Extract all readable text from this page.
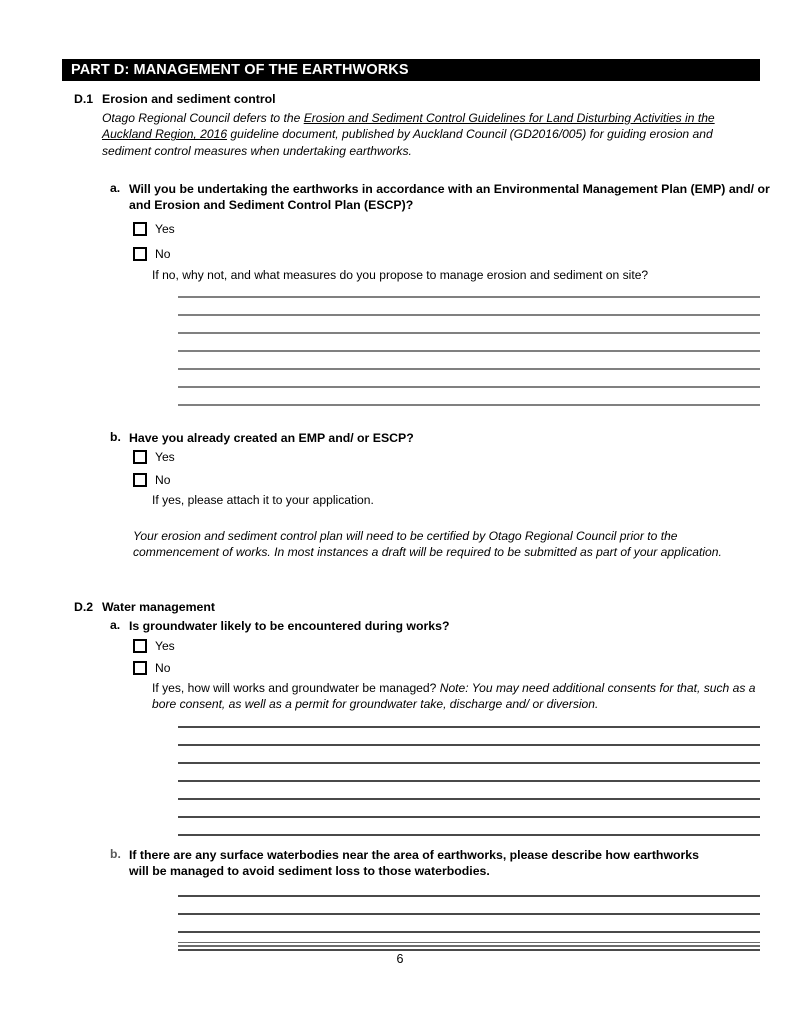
PART D: MANAGEMENT OF THE EARTHWORKS
D.1 Erosion and sediment control
Otago Regional Council defers to the Erosion and Sediment Control Guidelines for Land Disturbing Activities in the Auckland Region, 2016 guideline document, published by Auckland Council (GD2016/005) for guiding erosion and sediment control measures when undertaking earthworks.
a. Will you be undertaking the earthworks in accordance with an Environmental Management Plan (EMP) and/ or and Erosion and Sediment Control Plan (ESCP)?
Yes
No
If no, why not, and what measures do you propose to manage erosion and sediment on site?
b. Have you already created an EMP and/ or ESCP?
Yes
No
If yes, please attach it to your application.
Your erosion and sediment control plan will need to be certified by Otago Regional Council prior to the commencement of works. In most instances a draft will be required to be submitted as part of your application.
D.2 Water management
a. Is groundwater likely to be encountered during works?
Yes
No
If yes, how will works and groundwater be managed? Note: You may need additional consents for that, such as a bore consent, as well as a permit for groundwater take, discharge and/ or diversion.
b. If there are any surface waterbodies near the area of earthworks, please describe how earthworks will be managed to avoid sediment loss to those waterbodies.
6
